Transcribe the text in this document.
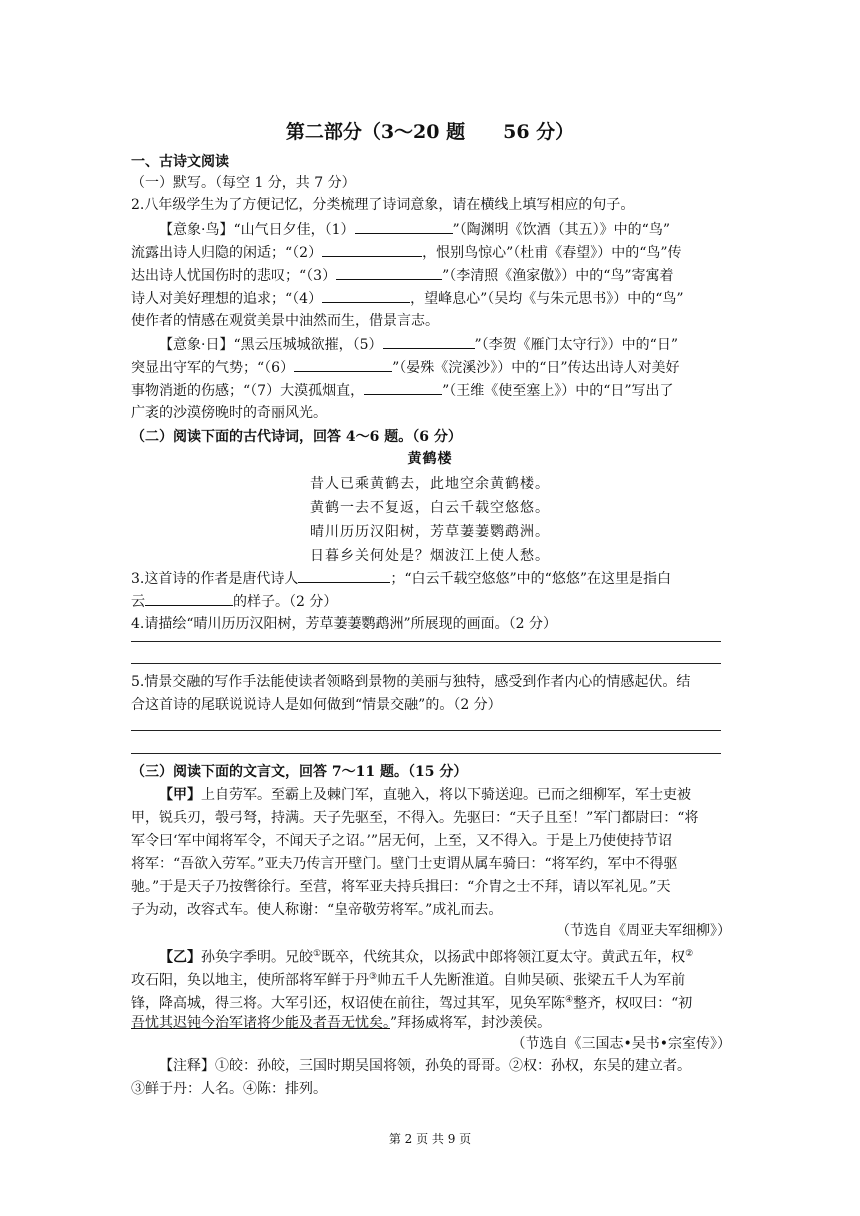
第二部分（3～20 题　　56 分）
一、古诗文阅读
（一）默写。（每空 1 分，共 7 分）
2.八年级学生为了方便记忆，分类梳理了诗词意象，请在横线上填写相应的句子。
【意象·鸟】“山气日夕佳，（1）	”（陶渊明《饮酒（其五）》中的“鸟”
流露出诗人归隐的闲适；“（2）	，恨别鸟惊心”（杜甫《春望》）中的“鸟”传
达出诗人忧国伤时的悲叹；“（3）	”（李清照《渔家傲》）中的“鸟”寄寓着
诗人对美好理想的追求；“（4）	，望峰息心”（吴均《与朱元思书》）中的“鸟”
使作者的情感在观赏美景中油然而生，借景言志。
【意象·日】“黑云压城城欲摧，（5）	”（李贺《雁门太守行》）中的“日”
突显出守军的气势；“（6）	”（晏殊《浣溪沙》）中的“日”传达出诗人对美好
事物消逝的伤感；“（7）大漠孤烟直，	”（王维《使至塞上》）中的“日”写出了
广袤的沙漠傍晚时的奇丽风光。
（二）阅读下面的古代诗词，回答 4～6 题。（6 分）
黄鹤楼
昔人已乘黄鹤去，此地空余黄鹤楼。
黄鹤一去不复返，白云千载空悠悠。
晴川历历汉阳树，芳草萋萋鹦鹉洲。
日暮乡关何处是？烟波江上使人愁。
3.这首诗的作者是唐代诗人	；“白云千载空悠悠”中的“悠悠”在这里是指白
云	的样子。（2 分）
4.请描绘“晴川历历汉阳树，芳草萋萋鹦鹉洲”所展现的画面。（2 分）
5.情景交融的写作手法能使读者领略到景物的美丽与独特，感受到作者内心的情感起伏。结
合这首诗的尾联说说诗人是如何做到“情景交融”的。（2 分）
（三）阅读下面的文言文，回答 7～11 题。（15 分）
【甲】上自劳军。至霸上及棘门军，直驰入，将以下骑送迎。已而之细柳军，军士吏被
甲，锐兵刃，彀弓弩，持满。天子先驱至，不得入。先驱曰：“天子且至！”军门都尉曰：“将
军令曰‘军中闻将军令，不闻天子之诏。’”居无何，上至，又不得入。于是上乃使使持节诏
将军：“吾欲入劳军。”亚夫乃传言开壁门。壁门士吏谓从属车骑曰：“将军约，军中不得驱
驰。”于是天子乃按辔徐行。至营，将军亚夫持兵揖曰：“介胄之士不拜，请以军礼见。”天
子为动，改容式车。使人称谢：“皇帝敬劳将军。”成礼而去。
（节选自《周亚夫军细柳》）
【乙】孙奂字季明。兄皎①既卒，代统其众，以扬武中郎将领江夏太守。黄武五年，权②
攻石阳，奂以地主，使所部将军鲜于丹③帅五千人先断淮道。自帅吴硕、张梁五千人为军前
锋，降高城，得三将。大军引还，权诏使在前往，驾过其军，见奂军陈④整齐，权叹曰：“初
吾忧其迟钝今治军诸将少能及者吾无忧矣。”拜扬威将军，封沙羡侯。
（节选自《三国志•吴书•宗室传》）
【注释】①皎：孙皎，三国时期吴国将领，孙奂的哥哥。②权：孙权，东吴的建立者。
③鲜于丹：人名。④陈：排列。
第 2 页 共 9 页
